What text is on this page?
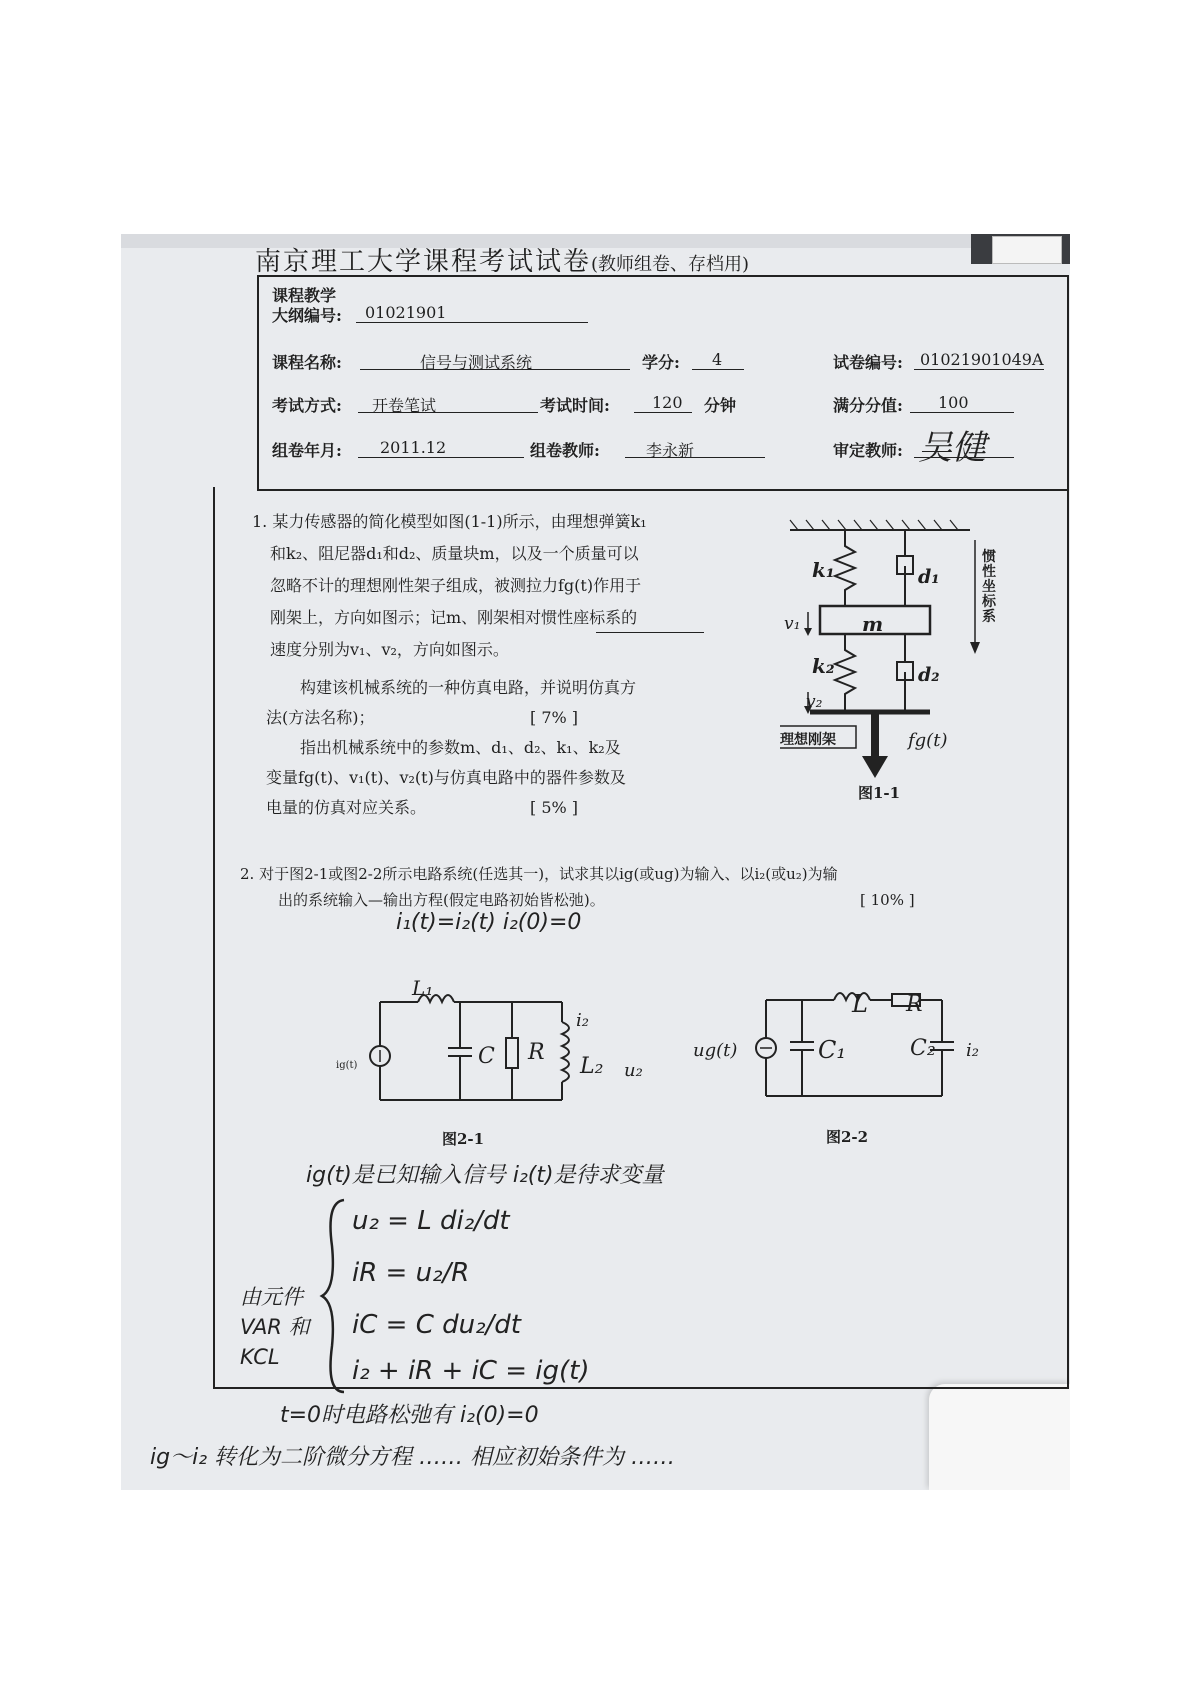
南京理工大学课程考试试卷(教师组卷、存档用)
课程教学
大纲编号: 01021901
课程名称:	信号与测试系统	学分: 4	试卷编号: 01021901049A
考试方式: 开卷笔试	考试时间:	120 分钟	满分分值: 100
组卷年月: 2011.12	组卷教师:	李永新	审定教师: 吴健
1. 某力传感器的简化模型如图(1-1)所示，由理想弹簧k₁
和k₂、阻尼器d₁和d₂、质量块m，以及一个质量可以
忽略不计的理想刚性架子组成，被测拉力fg(t)作用于
刚架上，方向如图示；记m、刚架相对惯性座标系的
速度分别为v₁、v₂，方向如图示。
构建该机械系统的一种仿真电路，并说明仿真方
法(方法名称)；	[ 7% ]
指出机械系统中的参数m、d₁、d₂、k₁、k₂及
变量fg(t)、v₁(t)、v₂(t)与仿真电路中的器件参数及
电量的仿真对应关系。	[ 5% ]
k₁	d₁
m
v₁
k₂	d₂
v₂
理想刚架	fg(t)
惯性坐标系
图1-1
2. 对于图2-1或图2-2所示电路系统(任选其一)，试求其以ig(或ug)为输入、以i₂(或u₂)为输
出的系统输入—输出方程(假定电路初始皆松弛)。	[ 10% ]
i₁(t)=i₂(t) i₂(0)=0
L₁
C R
L₂
i₂
u₂
ig(t)
图2-1
ug(t)	C₁
L R
C₂ i₂
图2-2
ig(t)是已知输入信号 i₂(t)是待求变量
由元件VAR 和KCL
u₂ = L di₂/dt
iR = u₂/R
iC = C du₂/dt
i₂ + iR + iC = ig(t)
t=0时电路松弛有 i₂(0)=0
ig～i₂ 转化为二阶微分方程 …… 相应初始条件为 ……
